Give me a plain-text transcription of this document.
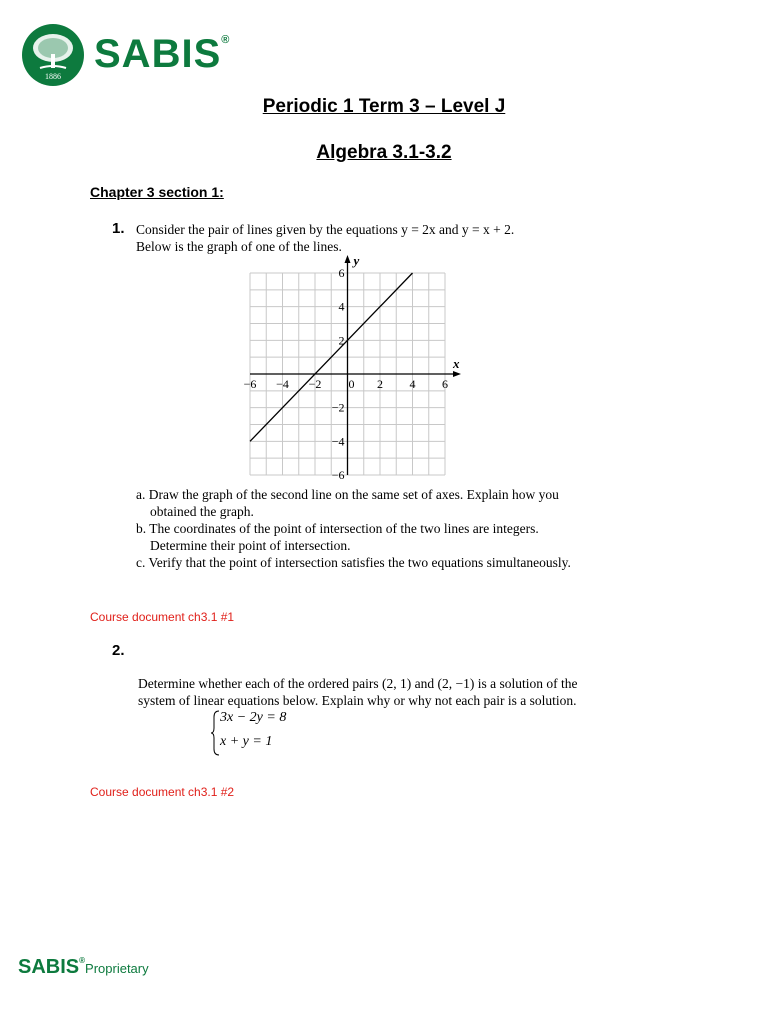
1886
SABIS®
Periodic 1 Term 3 – Level J
Algebra 3.1-3.2
Chapter 3 section 1:
1. Consider the pair of lines given by the equations y = 2x and y = x + 2.
Below is the graph of one of the lines.
x
y
−6 −4 −2 0 2 4 6
6
4
2
−2
−4
−6
a. Draw the graph of the second line on the same set of axes. Explain how you
obtained the graph.
b. The coordinates of the point of intersection of the two lines are integers.
Determine their point of intersection.
c. Verify that the point of intersection satisfies the two equations simultaneously.
Course document ch3.1 #1
2.
Determine whether each of the ordered pairs (2, 1) and (2, −1) is a solution of the
system of linear equations below. Explain why or why not each pair is a solution.
3x − 2y = 8
x + y = 1
Course document ch3.1 #2
SABIS®Proprietary
